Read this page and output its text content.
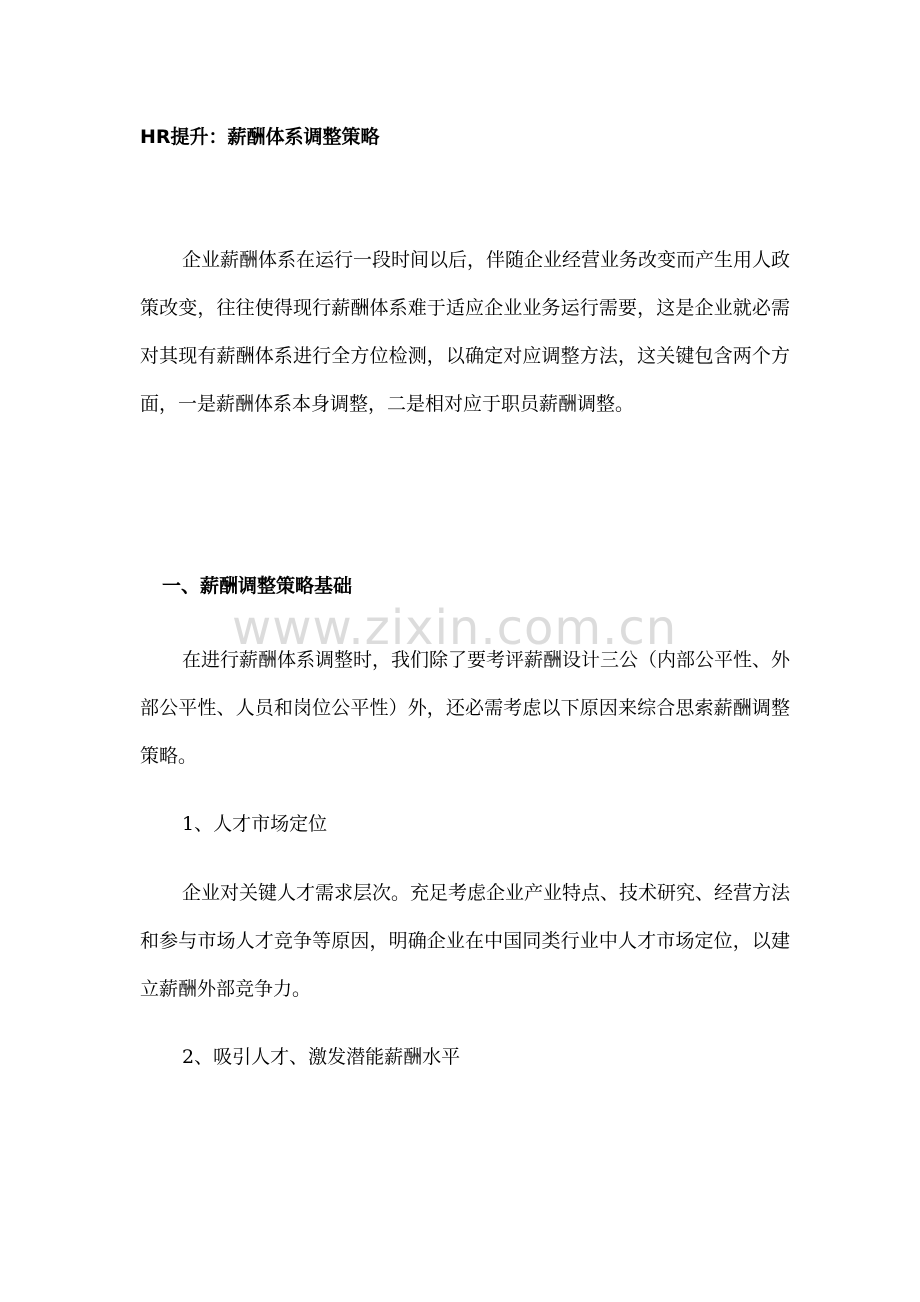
www.zixin.com.cn
HR提升：薪酬体系调整策略

企业薪酬体系在运行一段时间以后，伴随企业经营业务改变而产生用人政策改变，往往使得现行薪酬体系难于适应企业业务运行需要，这是企业就必需对其现有薪酬体系进行全方位检测，以确定对应调整方法，这关键包含两个方面，一是薪酬体系本身调整，二是相对应于职员薪酬调整。

一、薪酬调整策略基础

在进行薪酬体系调整时，我们除了要考评薪酬设计三公（内部公平性、外部公平性、人员和岗位公平性）外，还必需考虑以下原因来综合思索薪酬调整策略。

1、人才市场定位

企业对关键人才需求层次。充足考虑企业产业特点、技术研究、经营方法和参与市场人才竞争等原因，明确企业在中国同类行业中人才市场定位，以建立薪酬外部竞争力。

2、吸引人才、激发潜能薪酬水平
